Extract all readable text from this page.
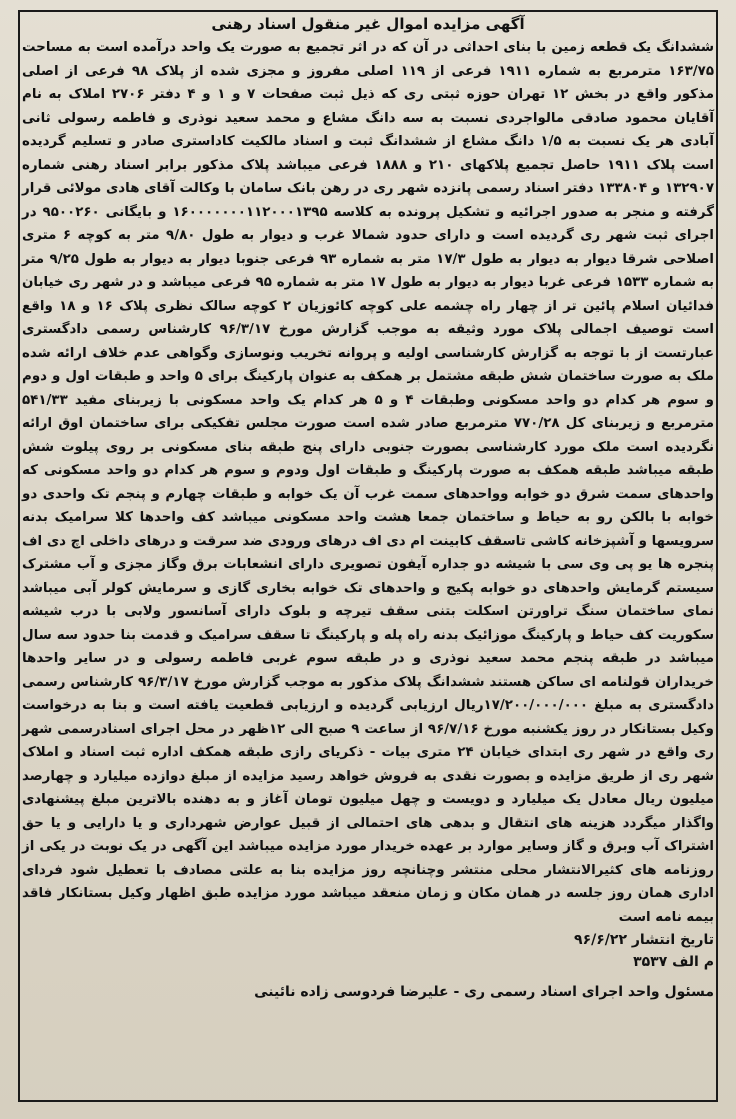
آگهی مزایده اموال غیر منقول اسناد رهنی

ششدانگ یک قطعه زمین با بنای احداثی در آن که در اثر تجمیع به صورت یک واحد درآمده است به مساحت ۱۶۳/۷۵ مترمربع به شماره ۱۹۱۱ فرعی از ۱۱۹ اصلی مفروز و مجزی شده از پلاک ۹۸ فرعی از اصلی مذکور واقع در بخش ۱۲ تهران حوزه ثبتی ری که ذیل ثبت صفحات ۷ و ۱ و ۴ دفتر ۲۷۰۶ املاک به نام آقایان محمود صادقی مالواجردی نسبت به سه دانگ مشاع و محمد سعید نوذری و فاطمه رسولی ثانی آبادی هر یک نسبت به ۱/۵ دانگ مشاع از ششدانگ ثبت و اسناد مالکیت کاداستری صادر و تسلیم گردیده است پلاک ۱۹۱۱ حاصل تجمیع پلاکهای ۲۱۰ و ۱۸۸۸ فرعی میباشد پلاک مذکور برابر اسناد رهنی شماره ۱۳۲۹۰۷ و ۱۳۳۸۰۴ دفتر اسناد رسمی پانزده شهر ری در رهن بانک سامان با وکالت آقای هادی مولائی قرار گرفته و منجر به صدور اجرائیه و تشکیل پرونده به کلاسه ۱۶۰۰۰۰۰۰۰۱۱۲۰۰۰۱۳۹۵ و بایگانی ۹۵۰۰۲۶۰ در اجرای ثبت شهر ری گردیده است و دارای حدود شمالا غرب و دیوار به طول ۹/۸۰ متر به کوچه ۶ متری اصلاحی شرقا دیوار به دیوار به طول ۱۷/۳ متر به شماره ۹۳ فرعی جنوبا دیوار به دیوار به طول ۹/۲۵ متر به شماره ۱۵۳۳ فرعی غربا دیوار به دیوار به طول ۱۷ متر به شماره ۹۵ فرعی میباشد و در شهر ری خیابان فدائیان اسلام پائین تر از چهار راه چشمه علی کوچه کائوزیان ۲ کوچه سالک نظری پلاک ۱۶ و ۱۸ واقع است توصیف اجمالی پلاک مورد وثیقه به موجب گزارش مورخ ۹۶/۳/۱۷ کارشناس رسمی دادگستری عبارتست از با توجه به گزارش کارشناسی اولیه و پروانه تخریب ونوسازی وگواهی عدم خلاف ارائه شده ملک به صورت ساختمان شش طبقه مشتمل بر همکف به عنوان پارکینگ برای ۵ واحد و طبقات اول و دوم و سوم هر کدام دو واحد مسکونی وطبقات ۴ و ۵ هر کدام یک واحد مسکونی با زیربنای مفید ۵۴۱/۳۳ مترمربع و زیربنای کل ۷۷۰/۲۸ مترمربع صادر شده است صورت مجلس تفکیکی برای ساختمان اوق ارائه نگردیده است ملک مورد کارشناسی بصورت جنوبی دارای پنج طبقه بنای مسکونی بر روی پیلوت شش طبقه میباشد طبقه همکف به صورت پارکینگ و طبقات اول ودوم و سوم هر کدام دو واحد مسکونی که واحدهای سمت شرق دو خوابه وواحدهای سمت غرب آن یک خوابه و طبقات چهارم و پنجم تک واحدی دو خوابه با بالکن رو به حیاط و ساختمان جمعا هشت واحد مسکونی میباشد کف واحدها کلا سرامیک بدنه سرویسها و آشپزخانه کاشی تاسقف کابینت ام دی اف درهای ورودی ضد سرقت و درهای داخلی اچ دی اف پنجره ها یو پی وی سی با شیشه دو جداره آیفون تصویری دارای انشعابات برق وگاز مجزی و آب مشترک سیستم گرمایش واحدهای دو خوابه پکیج و واحدهای تک خوابه بخاری گازی و سرمایش کولر آبی میباشد نمای ساختمان سنگ تراورتن اسکلت بتنی سقف تیرچه و بلوک دارای آسانسور ولابی با درب شیشه سکوریت کف حیاط و پارکینگ موزائیک بدنه راه پله و پارکینگ تا سقف سرامیک و قدمت بنا حدود سه سال میباشد در طبقه پنجم محمد سعید نوذری و در طبقه سوم غربی فاطمه رسولی و در سایر واحدها خریداران قولنامه ای ساکن هستند ششدانگ پلاک مذکور به موجب گزارش مورخ ۹۶/۳/۱۷ کارشناس رسمی دادگستری به مبلغ ۱۷/۲۰۰/۰۰۰/۰۰۰ریال ارزیابی گردیده و ارزیابی قطعیت یافته است و بنا به درخواست وکیل بستانکار در روز یکشنبه مورخ ۹۶/۷/۱۶ از ساعت ۹ صبح الی ۱۲ظهر در محل اجرای اسنادرسمی شهر ری واقع در شهر ری ابتدای خیابان ۲۴ متری بیات - ذکریای رازی طبقه همکف اداره ثبت اسناد و املاک شهر ری از طریق مزایده و بصورت نقدی به فروش خواهد رسید مزایده از مبلغ دوازده میلیارد و چهارصد میلیون ریال معادل یک میلیارد و دویست و چهل میلیون تومان آغاز و به دهنده بالاترین مبلغ پیشنهادی واگذار میگردد هزینه های انتقال و بدهی های احتمالی از قبیل عوارض شهرداری و یا دارایی و یا حق اشتراک آب وبرق و گاز وسایر موارد بر عهده خریدار مورد مزایده میباشد این آگهی در یک نوبت در یکی از روزنامه های کثیرالانتشار محلی منتشر وچنانچه روز مزایده بنا به علتی مصادف با تعطیل شود فردای اداری همان روز جلسه در همان مکان و زمان منعقد میباشد مورد مزایده طبق اظهار وکیل بستانکار فاقد بیمه نامه است

تاریخ انتشار ۹۶/۶/۲۲

م الف ۳۵۳۷

مسئول واحد اجرای اسناد رسمی ری - علیرضا فردوسی زاده نائینی
